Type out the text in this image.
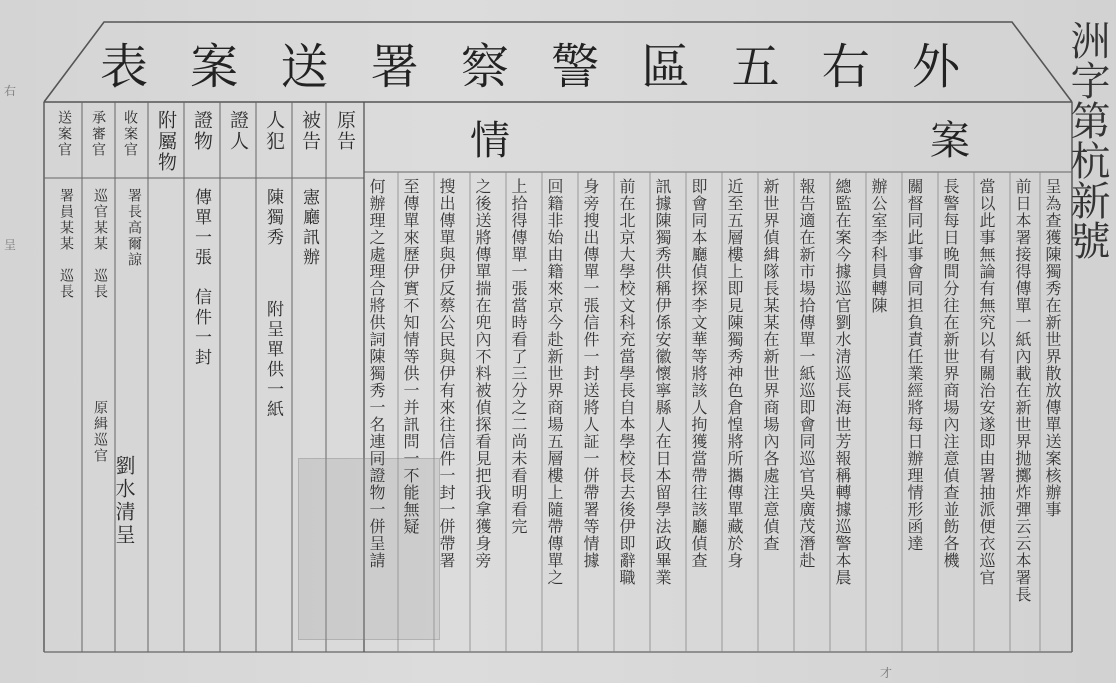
外
右
五
區
警
察
署
送
案
表
案
情
原告
被告
人犯
證人
證物
附屬物
收案官
承審官
送案官
憲廳訊辦
陳獨秀
傳單一張　信件一封	附呈單供一紙
署長高爾諒
巡官某某　巡長
署員某某　巡長
原緝巡官
劉水清呈	呈為查獲陳獨秀在新世界散放傳單送案核辦事
前日本署接得傳單一紙內載在新世界抛擲炸彈云云本署長
當以此事無論有無究以有關治安遂即由署抽派便衣巡官
長警每日晚間分往在新世界商場內注意偵查並飭各機
關督同此事會同担負責任業經將每日辦理情形函達
辦公室李科員轉陳
總監在案今據巡官劉水清巡長海世芳報稱轉據巡警本晨
報告適在新市場拾傳單一紙巡即會同巡官吳廣茂潛赴
新世界偵緝隊長某某在新世界商場內各處注意偵查
近至五層樓上即見陳獨秀神色倉惶將所攜傳單藏於身
即會同本廳偵探李文華等將該人拘獲當帶往該廳偵查
訊據陳獨秀供稱伊係安徽懷寧縣人在日本留學法政畢業
前在北京大學校文科充當學長自本學校長去後伊即辭職
身旁搜出傳單一張信件一封送將人証一併帶署等情據
回籍非始由籍來京今赴新世界商場五層樓上隨帶傳單之
上拾得傳單一張當時看了三分之二尚未看明看完
之後送將傳單揣在兜內不料被偵探看見把我拿獲身旁
搜出傳單與伊反蔡公民與伊有來往信件一封一併帶署
至傳單來歷伊實不知情等供一并訊問一不能無疑
何辦理之處理合將供詞陳獨秀一名連同證物一併呈請
洲字第杭新號
右
呈
才
